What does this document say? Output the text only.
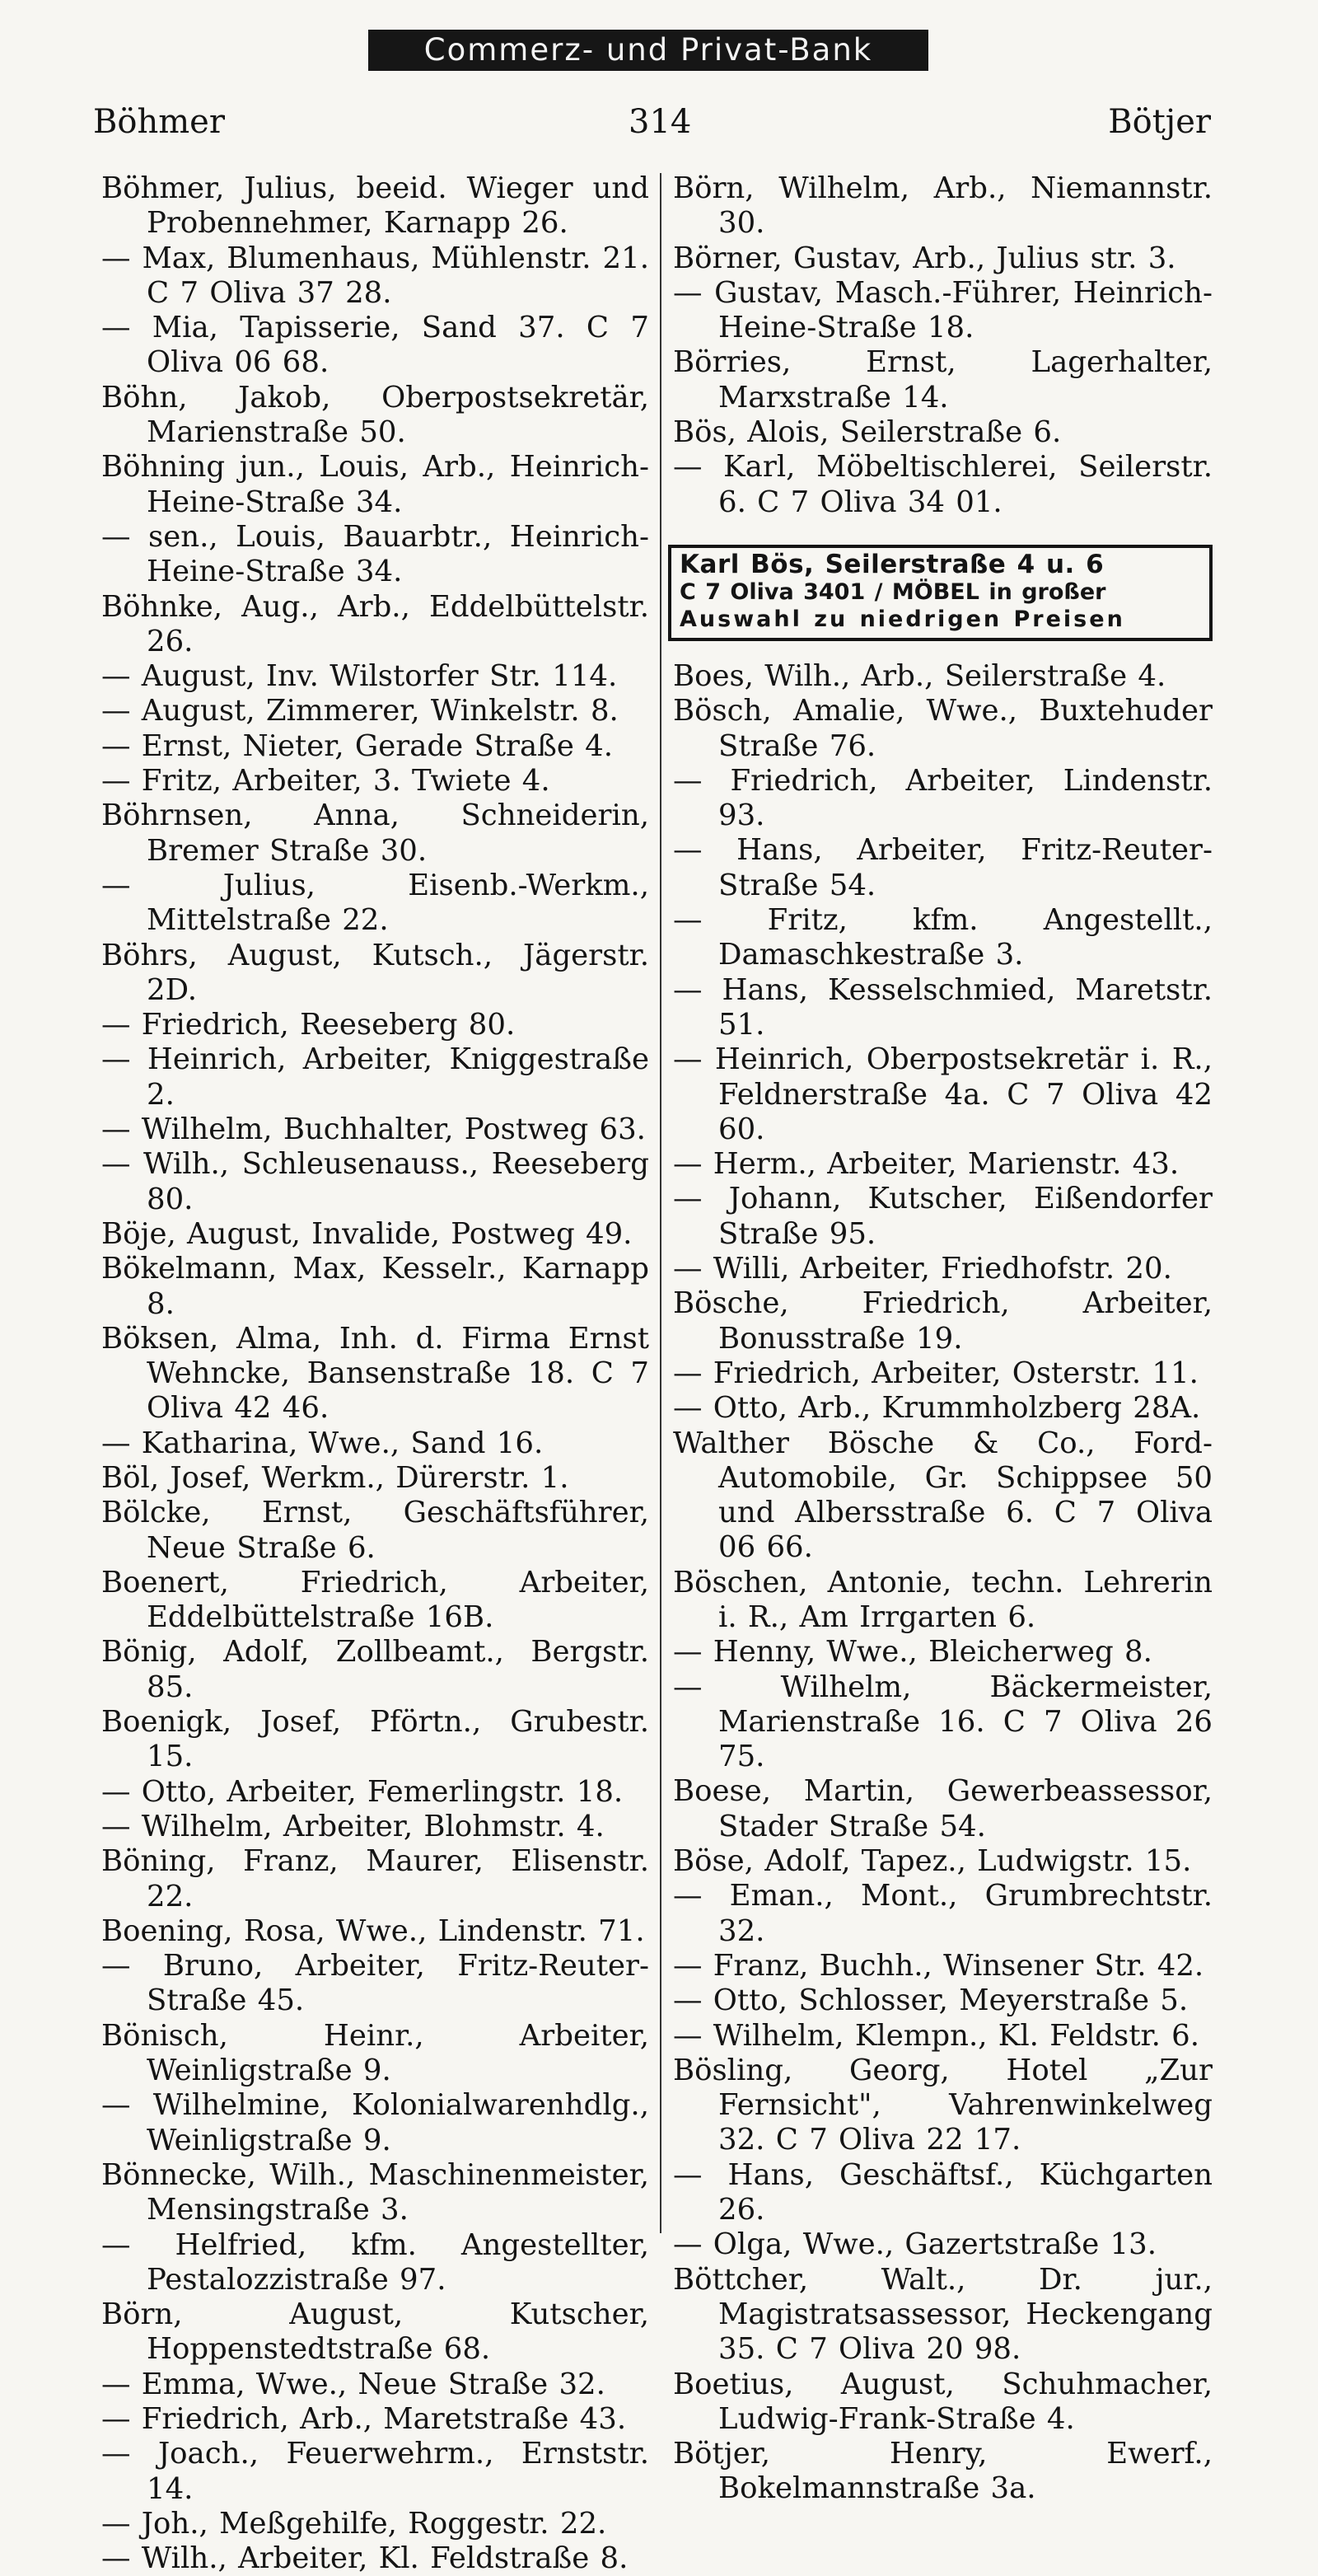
Commerz- und Privat-Bank
Böhmer	314	Bötjer
Böhmer, Julius, beeid. Wieger und Probennehmer, Karnapp 26.
— Max, Blumenhaus, Mühlenstr. 21. C 7 Oliva 37 28.
— Mia, Tapisserie, Sand 37. C 7 Oliva 06 68.
Böhn, Jakob, Oberpostsekretär, Marienstraße 50.
Böhning jun., Louis, Arb., Heinrich-Heine-Straße 34.
— sen., Louis, Bauarbtr., Heinrich-Heine-Straße 34.
Böhnke, Aug., Arb., Eddelbüttelstr. 26.
— August, Inv. Wilstorfer Str. 114.
— August, Zimmerer, Winkelstr. 8.
— Ernst, Nieter, Gerade Straße 4.
— Fritz, Arbeiter, 3. Twiete 4.
Böhrnsen, Anna, Schneiderin, Bremer Straße 30.
— Julius, Eisenb.-Werkm., Mittelstraße 22.
Böhrs, August, Kutsch., Jägerstr. 2D.
— Friedrich, Reeseberg 80.
— Heinrich, Arbeiter, Kniggestraße 2.
— Wilhelm, Buchhalter, Postweg 63.
— Wilh., Schleusenauss., Reeseberg 80.
Böje, August, Invalide, Postweg 49.
Bökelmann, Max, Kesselr., Karnapp 8.
Böksen, Alma, Inh. d. Firma Ernst Wehncke, Bansenstraße 18. C 7 Oliva 42 46.
— Katharina, Wwe., Sand 16.
Böl, Josef, Werkm., Dürerstr. 1.
Bölcke, Ernst, Geschäftsführer, Neue Straße 6.
Boenert, Friedrich, Arbeiter, Eddelbüttelstraße 16B.
Bönig, Adolf, Zollbeamt., Bergstr. 85.
Boenigk, Josef, Pförtn., Grubestr. 15.
— Otto, Arbeiter, Femerlingstr. 18.
— Wilhelm, Arbeiter, Blohmstr. 4.
Böning, Franz, Maurer, Elisenstr. 22.
Boening, Rosa, Wwe., Lindenstr. 71.
— Bruno, Arbeiter, Fritz-Reuter-Straße 45.
Bönisch, Heinr., Arbeiter, Weinligstraße 9.
— Wilhelmine, Kolonialwarenhdlg., Weinligstraße 9.
Bönnecke, Wilh., Maschinenmeister, Mensingstraße 3.
— Helfried, kfm. Angestellter, Pestalozzistraße 97.
Börn, August, Kutscher, Hoppenstedtstraße 68.
— Emma, Wwe., Neue Straße 32.
— Friedrich, Arb., Maretstraße 43.
— Joach., Feuerwehrm., Ernststr. 14.
— Joh., Meßgehilfe, Roggestr. 22.
— Wilh., Arbeiter, Kl. Feldstraße 8.
Börn, Wilhelm, Arb., Niemannstr. 30.
Börner, Gustav, Arb., Julius str. 3.
— Gustav, Masch.-Führer, Heinrich-Heine-Straße 18.
Börries, Ernst, Lagerhalter, Marxstraße 14.
Bös, Alois, Seilerstraße 6.
— Karl, Möbeltischlerei, Seilerstr. 6. C 7 Oliva 34 01.
Karl Bös, Seilerstraße 4 u. 6
C 7 Oliva 3401 / MÖBEL in großer
Auswahl zu niedrigen Preisen
Boes, Wilh., Arb., Seilerstraße 4.
Bösch, Amalie, Wwe., Buxtehuder Straße 76.
— Friedrich, Arbeiter, Lindenstr. 93.
— Hans, Arbeiter, Fritz-Reuter-Straße 54.
— Fritz, kfm. Angestellt., Damaschkestraße 3.
— Hans, Kesselschmied, Maretstr. 51.
— Heinrich, Oberpostsekretär i. R., Feldnerstraße 4a. C 7 Oliva 42 60.
— Herm., Arbeiter, Marienstr. 43.
— Johann, Kutscher, Eißendorfer Straße 95.
— Willi, Arbeiter, Friedhofstr. 20.
Bösche, Friedrich, Arbeiter, Bonusstraße 19.
— Friedrich, Arbeiter, Osterstr. 11.
— Otto, Arb., Krummholzberg 28A.
Walther Bösche & Co., Ford-Automobile, Gr. Schippsee 50 und Albersstraße 6. C 7 Oliva 06 66.
Böschen, Antonie, techn. Lehrerin i. R., Am Irrgarten 6.
— Henny, Wwe., Bleicherweg 8.
— Wilhelm, Bäckermeister, Marienstraße 16. C 7 Oliva 26 75.
Boese, Martin, Gewerbeassessor, Stader Straße 54.
Böse, Adolf, Tapez., Ludwigstr. 15.
— Eman., Mont., Grumbrechtstr. 32.
— Franz, Buchh., Winsener Str. 42.
— Otto, Schlosser, Meyerstraße 5.
— Wilhelm, Klempn., Kl. Feldstr. 6.
Bösling, Georg, Hotel „Zur Fernsicht", Vahrenwinkelweg 32. C 7 Oliva 22 17.
— Hans, Geschäftsf., Küchgarten 26.
— Olga, Wwe., Gazertstraße 13.
Böttcher, Walt., Dr. jur., Magistratsassessor, Heckengang 35. C 7 Oliva 20 98.
Boetius, August, Schuhmacher, Ludwig-Frank-Straße 4.
Bötjer, Henry, Ewerf., Bokelmannstraße 3a.
